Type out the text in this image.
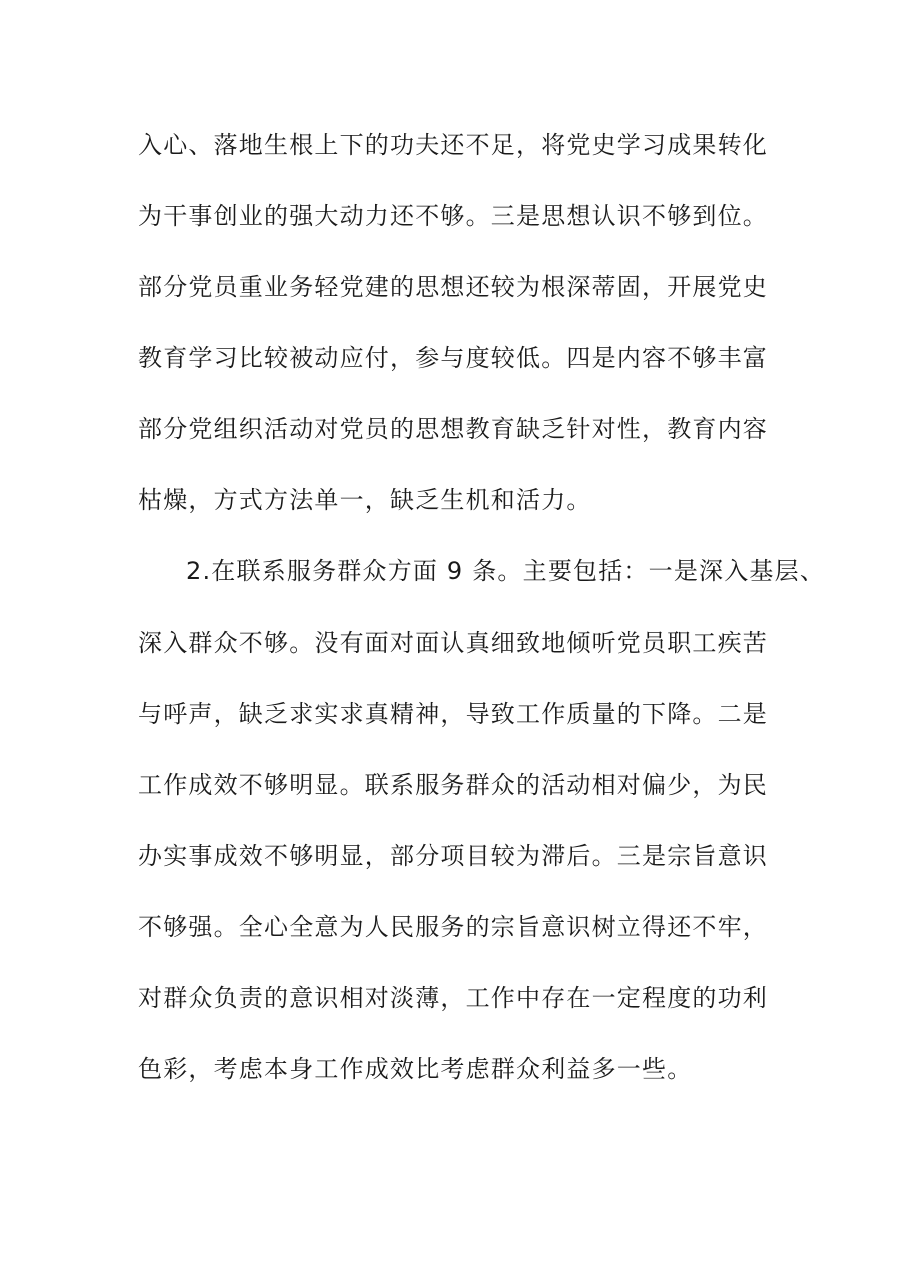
入心、落地生根上下的功夫还不足，将党史学习成果转化
为干事创业的强大动力还不够。三是思想认识不够到位。
部分党员重业务轻党建的思想还较为根深蒂固，开展党史
教育学习比较被动应付，参与度较低。四是内容不够丰富
部分党组织活动对党员的思想教育缺乏针对性，教育内容
枯燥，方式方法单一，缺乏生机和活力。
2.在联系服务群众方面 9 条。主要包括：一是深入基层、
深入群众不够。没有面对面认真细致地倾听党员职工疾苦
与呼声，缺乏求实求真精神，导致工作质量的下降。二是
工作成效不够明显。联系服务群众的活动相对偏少，为民
办实事成效不够明显，部分项目较为滞后。三是宗旨意识
不够强。全心全意为人民服务的宗旨意识树立得还不牢，
对群众负责的意识相对淡薄，工作中存在一定程度的功利
色彩，考虑本身工作成效比考虑群众利益多一些。
